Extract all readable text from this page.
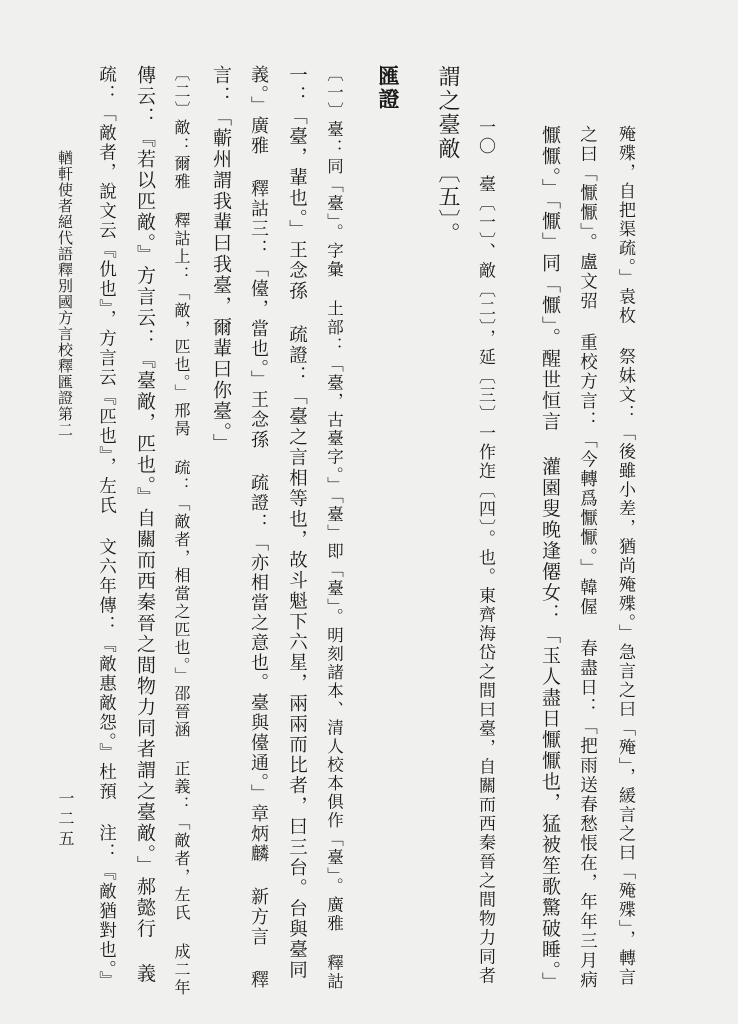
殗殜，自把渠疏。」袁枚 祭妹文：「後雖小差，猶尚殗殜。」急言之曰「殗」，緩言之曰「殗殜」，轉言
之曰「懨懨」。盧文弨 重校方言：「今轉爲懨懨。」韓偓 春盡日：「把雨送春愁悵在，年年三月病
懨懨。」「懨」同「懨」。醒世恒言 灌園叟晚逢僊女：「玉人盡日懨懨也，猛被笙歌驚破睡。」
一〇　臺〔一〕、敵〔二〕，延〔三〕一作迮〔四〕。也。東齊海岱之間曰臺，自關而西秦晉之間物力同者
謂之臺敵〔五〕。
匯證
〔一〕臺：同「臺」。字彙 土部：「臺，古臺字。」「臺」即「臺」。明刻諸本、清人校本俱作「臺」。廣雅 釋詁
一：「臺，輩也。」王念孫 疏證：「臺之言相等也，故斗魁下六星，兩兩而比者，曰三台。台與臺同
義。」廣雅 釋詁三：「儓，當也。」王念孫 疏證：「亦相當之意也。臺與儓通。」章炳麟 新方言 釋
言：「蘄州謂我輩曰我臺，爾輩曰你臺。」
〔二〕敵：爾雅 釋詁上：「敵，匹也。」邢昺 疏：「敵者，相當之匹也。」邵晉涵 正義：「敵者，左氏 成二年
傳云：『若以匹敵。』方言云：『臺敵，匹也。』自關而西秦晉之間物力同者謂之臺敵。」郝懿行 義
疏：「敵者，說文云『仇也』，方言云『匹也』，左氏 文六年傳：『敵惠敵怨。』杜預 注：『敵猶對也。』
輶軒使者絕代語釋別國方言校釋匯證第二
一二五
